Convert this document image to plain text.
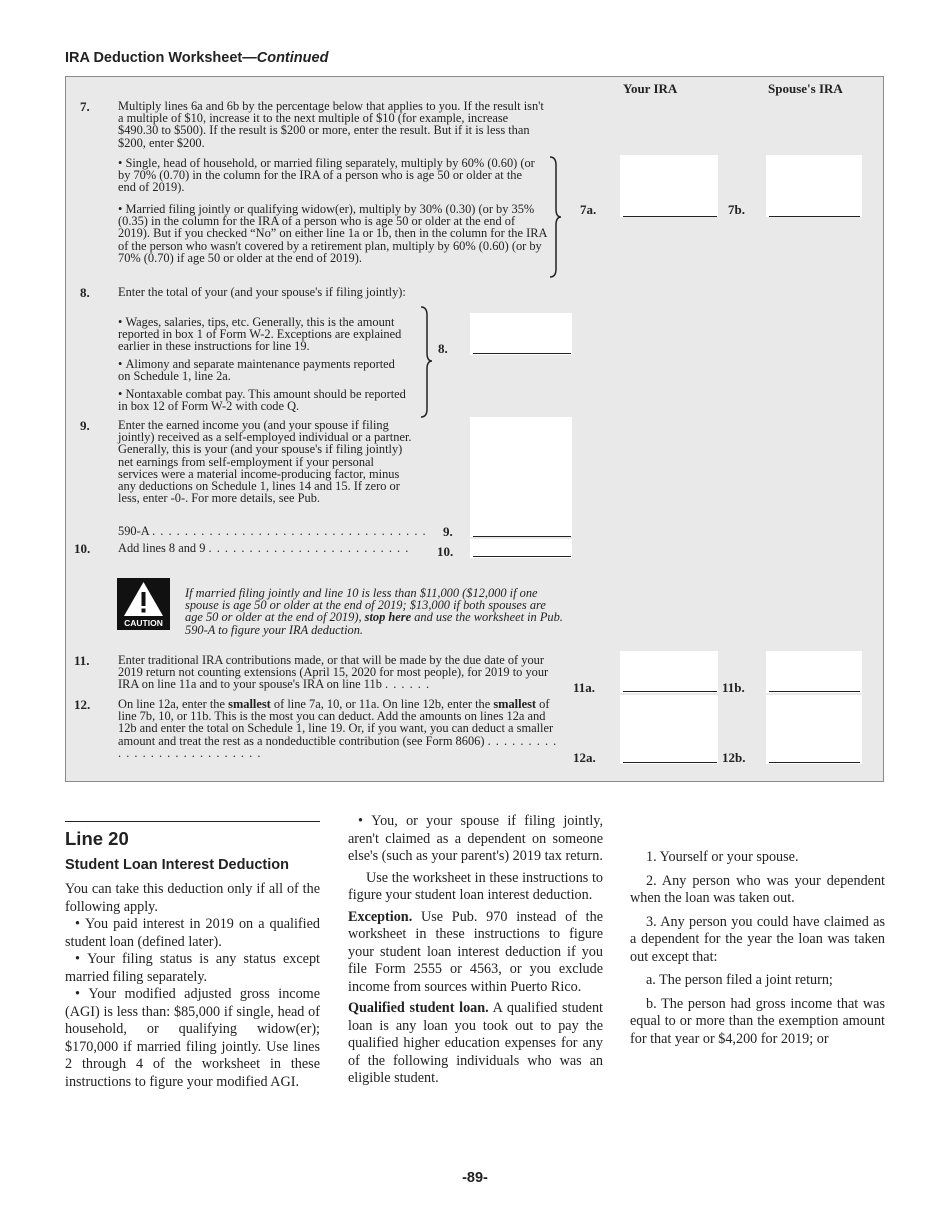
IRA Deduction Worksheet—Continued
Your IRA	Spouse's IRA
7. Multiply lines 6a and 6b by the percentage below that applies to you. If the result isn't a multiple of $10, increase it to the next multiple of $10 (for example, increase $490.30 to $500). If the result is $200 or more, enter the result. But if it is less than $200, enter $200.
• Single, head of household, or married filing separately, multiply by 60% (0.60) (or by 70% (0.70) in the column for the IRA of a person who is age 50 or older at the end of 2019).
• Married filing jointly or qualifying widow(er), multiply by 30% (0.30) (or by 35% (0.35) in the column for the IRA of a person who is age 50 or older at the end of 2019). But if you checked “No” on either line 1a or 1b, then in the column for the IRA of the person who wasn't covered by a retirement plan, multiply by 60% (0.60) (or by 70% (0.70) if age 50 or older at the end of 2019).
7a.	7b.
8. Enter the total of your (and your spouse's if filing jointly):
• Wages, salaries, tips, etc. Generally, this is the amount reported in box 1 of Form W-2. Exceptions are explained earlier in these instructions for line 19.
• Alimony and separate maintenance payments reported on Schedule 1, line 2a.
• Nontaxable combat pay. This amount should be reported in box 12 of Form W-2 with code Q.
8.
9. Enter the earned income you (and your spouse if filing jointly) received as a self-employed individual or a partner. Generally, this is your (and your spouse's if filing jointly) net earnings from self-employment if your personal services were a material income-producing factor, minus any deductions on Schedule 1, lines 14 and 15. If zero or less, enter -0-. For more details, see Pub.
590-A . . . . . . . . . . . . . . . . . . . . . . . . . . . . . . . . . . 9.
10. Add lines 8 and 9 . . . . . . . . . . . . . . . . . . . . . . . . . 10.
CAUTION
If married filing jointly and line 10 is less than $11,000 ($12,000 if one spouse is age 50 or older at the end of 2019; $13,000 if both spouses are age 50 or older at the end of 2019), stop here and use the worksheet in Pub. 590-A to figure your IRA deduction.
11. Enter traditional IRA contributions made, or that will be made by the due date of your 2019 return not counting extensions (April 15, 2020 for most people), for 2019 to your IRA on line 11a and to your spouse's IRA on line 11b . . . . . .	11a.	11b.
12. On line 12a, enter the smallest of line 7a, 10, or 11a. On line 12b, enter the smallest of line 7b, 10, or 11b. This is the most you can deduct. Add the amounts on lines 12a and 12b and enter the total on Schedule 1, line 19. Or, if you want, you can deduct a smaller amount and treat the rest as a nondeductible contribution (see Form 8606) . . . . . . . . . . . . . . . . . . . . . . . . . . .	12a.	12b.
Line 20
Student Loan Interest Deduction

You can take this deduction only if all of the following apply.

• You paid interest in 2019 on a qualified student loan (defined later).

• Your filing status is any status except married filing separately.

• Your modified adjusted gross income (AGI) is less than: $85,000 if single, head of household, or qualifying widow(er); $170,000 if married filing jointly. Use lines 2 through 4 of the worksheet in these instructions to figure your modified AGI.

• You, or your spouse if filing jointly, aren't claimed as a dependent on someone else's (such as your parent's) 2019 tax return.

Use the worksheet in these instructions to figure your student loan interest deduction.

Exception. Use Pub. 970 instead of the worksheet in these instructions to figure your student loan interest deduction if you file Form 2555 or 4563, or you exclude income from sources within Puerto Rico.

Qualified student loan. A qualified student loan is any loan you took out to pay the qualified higher education expenses for any of the following individuals who was an eligible student.

1. Yourself or your spouse.

2. Any person who was your dependent when the loan was taken out.

3. Any person you could have claimed as a dependent for the year the loan was taken out except that:

a. The person filed a joint return;

b. The person had gross income that was equal to or more than the exemption amount for that year or $4,200 for 2019; or

-89-
